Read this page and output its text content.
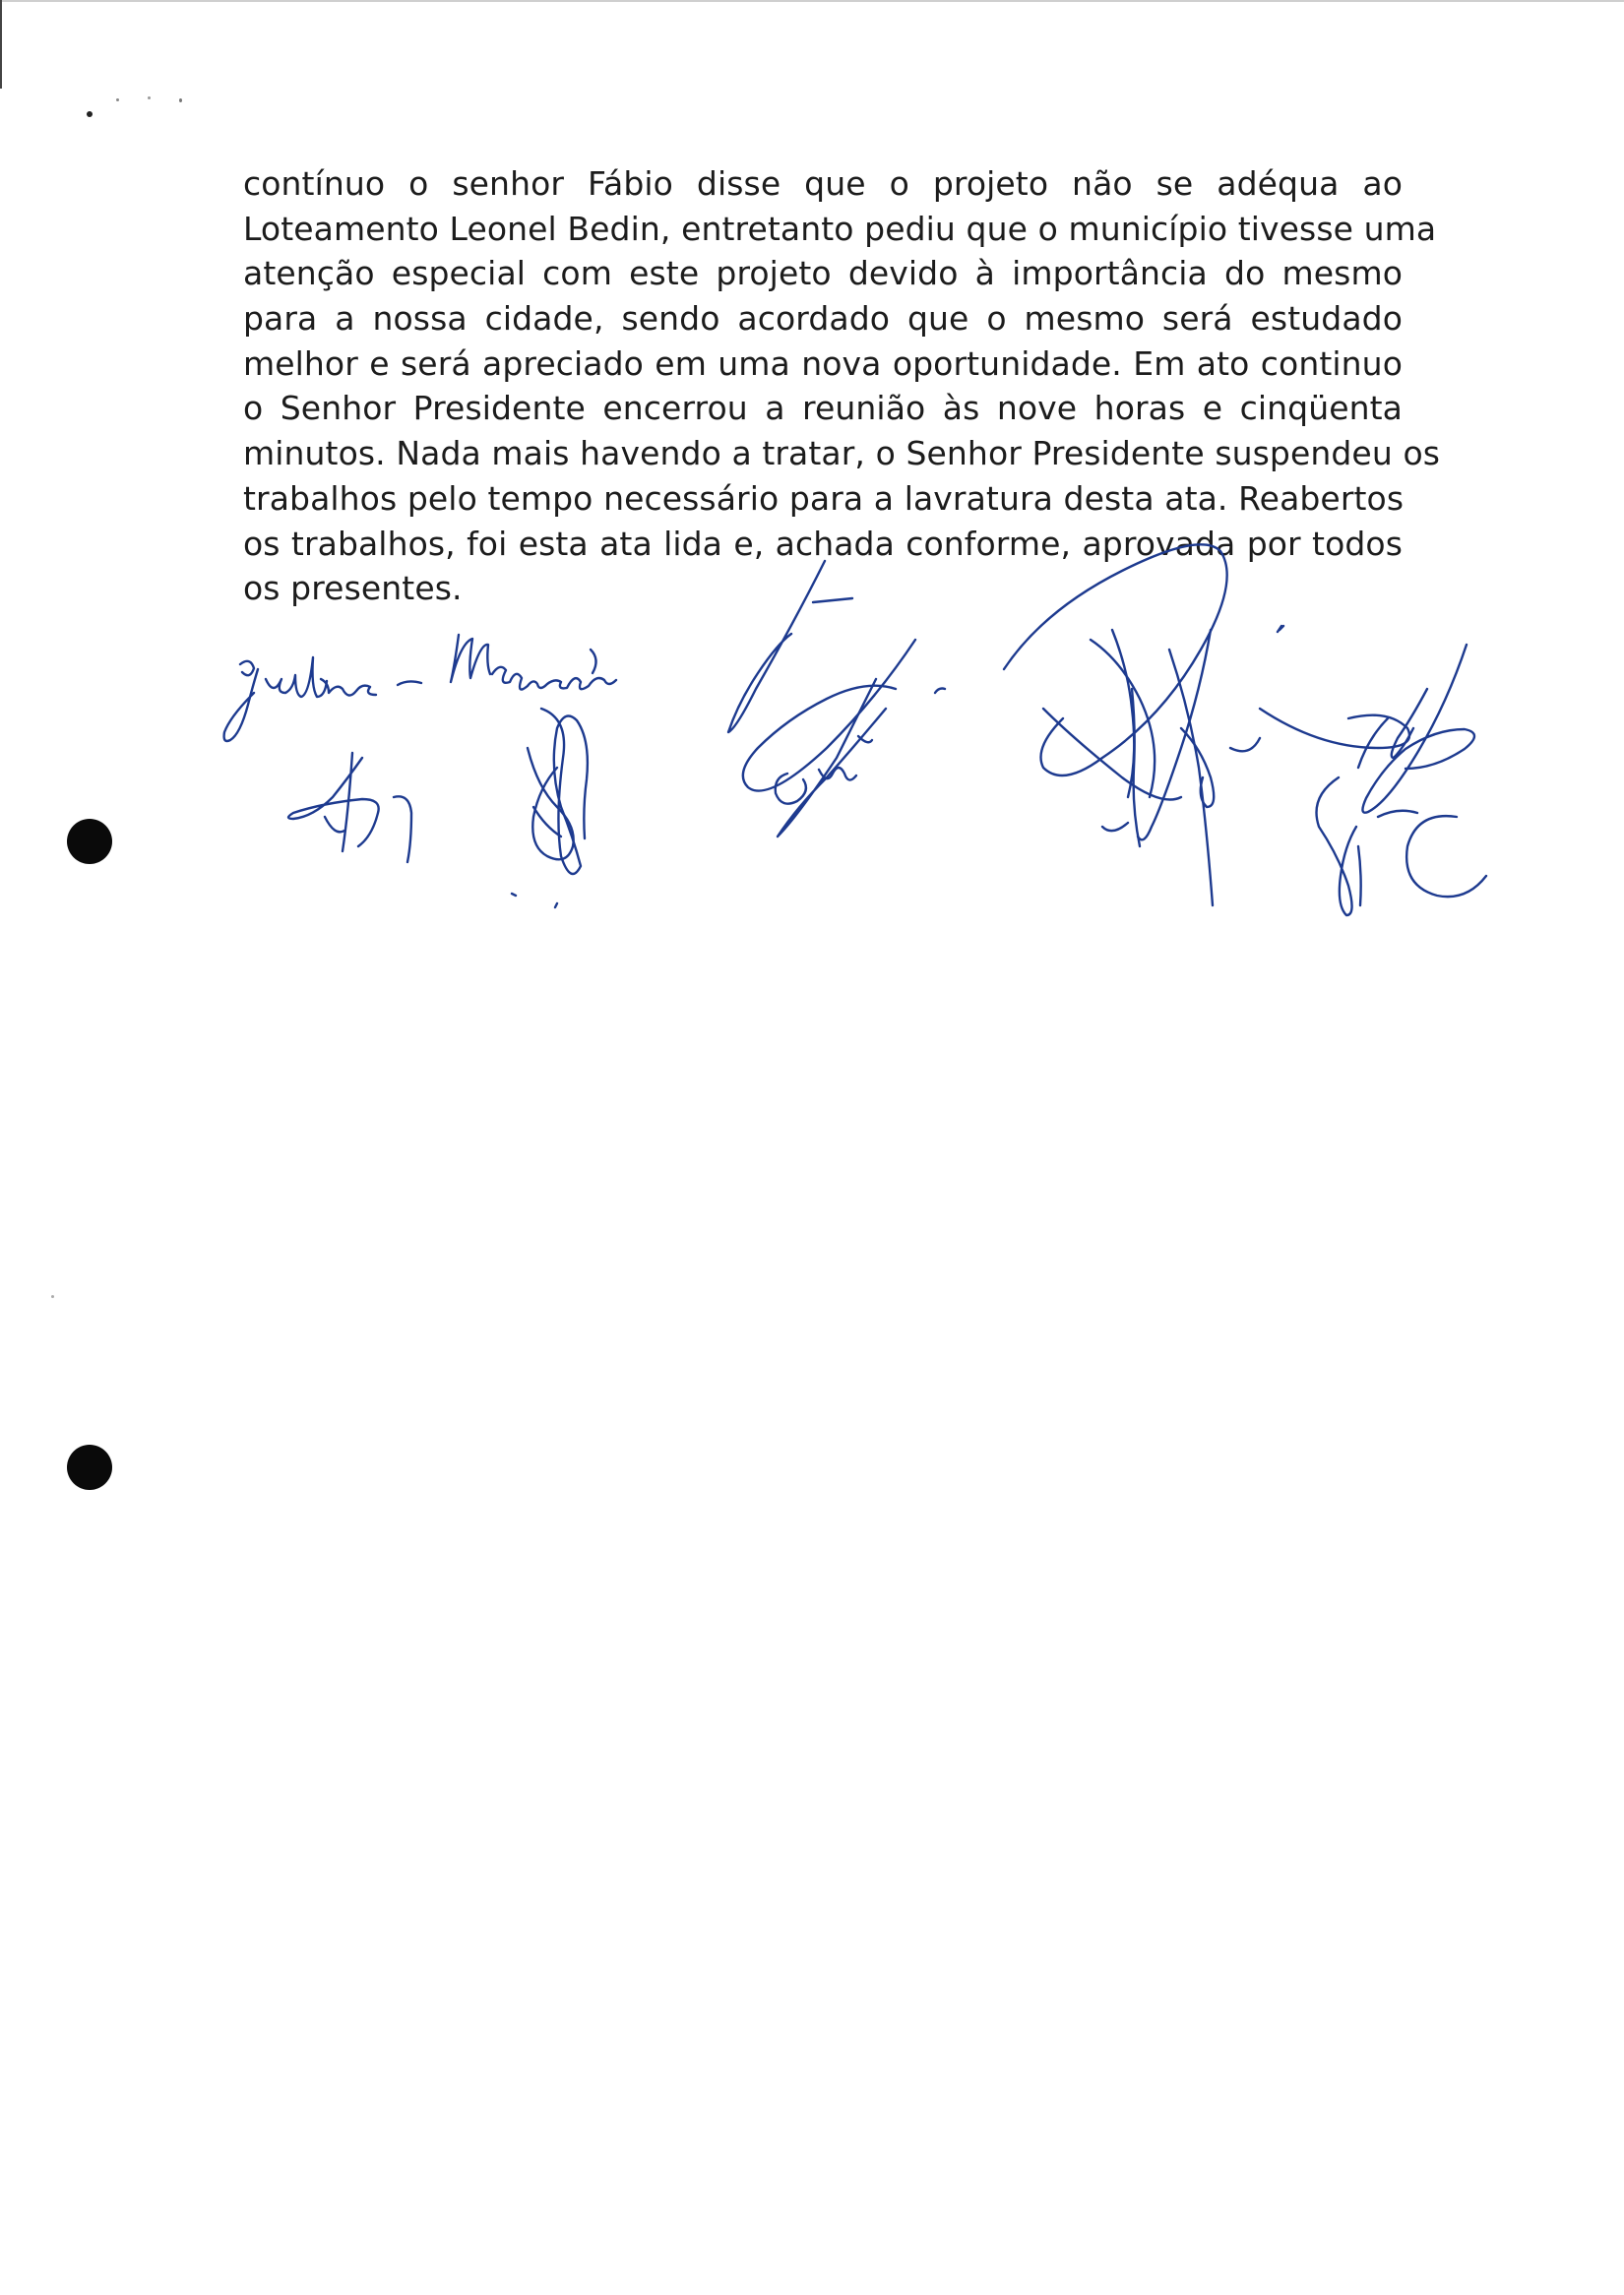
contínuo o senhor Fábio disse que o projeto não se adéqua ao
Loteamento Leonel Bedin, entretanto pediu que o município tivesse uma
atenção especial com este projeto devido à importância do mesmo
para a nossa cidade, sendo acordado que o mesmo será estudado
melhor e será apreciado em uma nova oportunidade. Em ato continuo
o Senhor Presidente encerrou a reunião às nove horas e cinqüenta
minutos. Nada mais havendo a tratar, o Senhor Presidente suspendeu os
trabalhos pelo tempo necessário para a lavratura desta ata. Reabertos
os trabalhos, foi esta ata lida e, achada conforme, aprovada por todos
os presentes.
